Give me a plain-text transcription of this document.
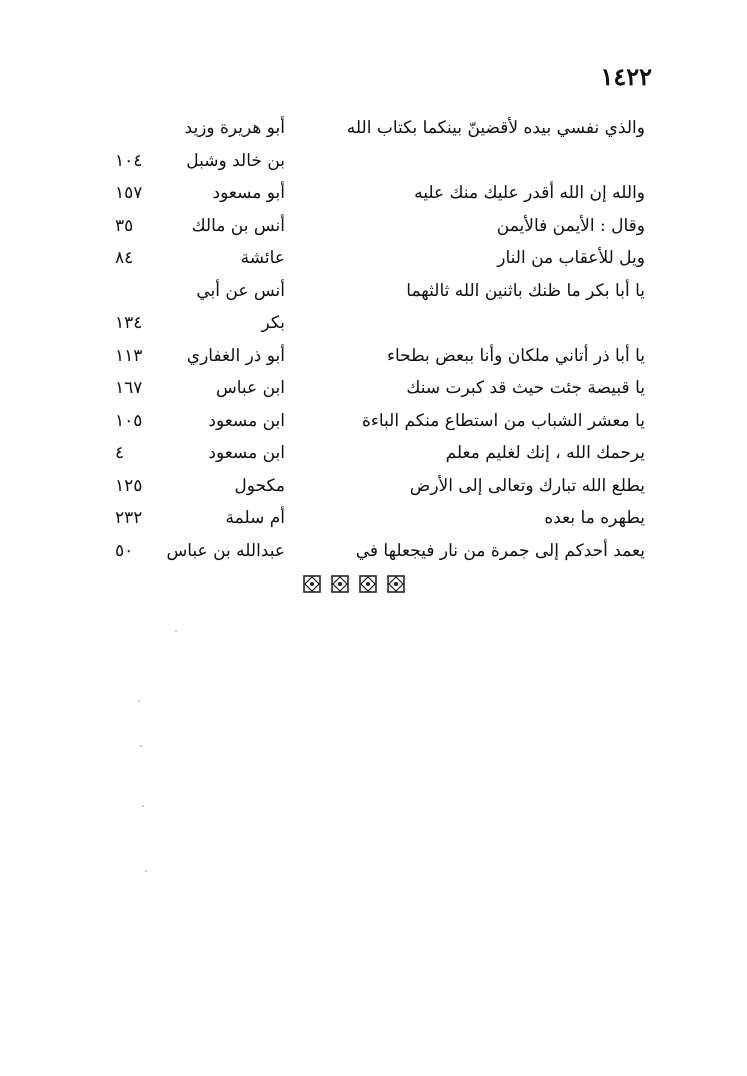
١٤٢٢
والذي نفسي بيده لأقضينّ بينكما بكتاب الله
أبو هريرة وزيد
بن خالد وشبل
١٠٤
والله إن الله أقدر عليك منك عليه
أبو مسعود
١٥٧
وقال : الأيمن فالأيمن
أنس بن مالك
٣٥
ويل للأعقاب من النار
عائشة
٨٤
يا أبا بكر ما ظنك باثنين الله ثالثهما
أنس عن أبي
بكر
١٣٤
يا أبا ذر أتاني ملكان وأنا ببعض بطحاء
أبو ذر الغفاري
١١٣
يا قبيصة جئت حيث قد كبرت سنك
ابن عباس
١٦٧
يا معشر الشباب من استطاع منكم الباءة
ابن مسعود
١٠٥
يرحمك الله ، إنك لغليم معلم
ابن مسعود
٤
يطلع الله تبارك وتعالى إلى الأرض
مكحول
١٢٥
يطهره ما بعده
أم سلمة
٢٣٢
يعمد أحدكم إلى جمرة من نار فيجعلها في
عبدالله بن عباس
٥٠
